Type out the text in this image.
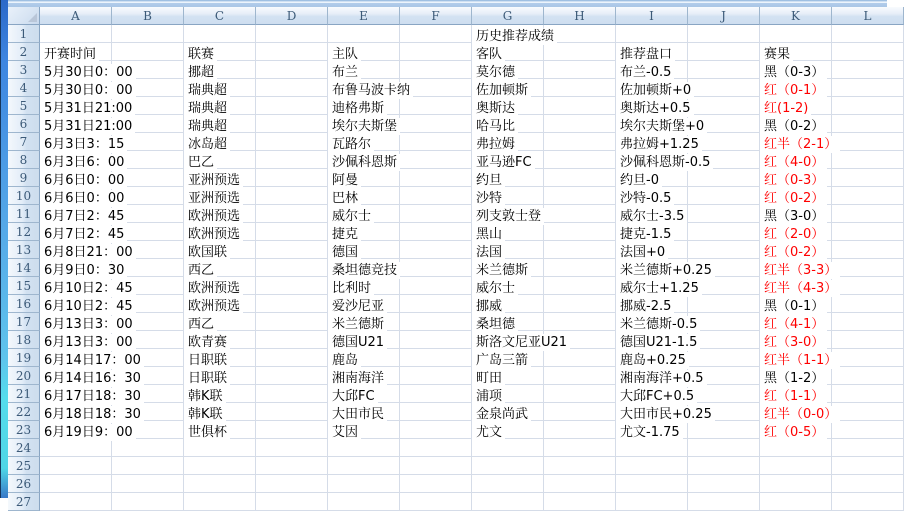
A	B	C	D	E	F	G	H	I	J	K	L
1	历史推荐成绩
2	开赛时间	联赛	主队	客队	推荐盘口	赛果
3	5月30日0：00	挪超	布兰	莫尔德	布兰-0.5	黑（0-3）
4	5月30日0：00	瑞典超	布鲁马波卡纳	佐加顿斯	佐加顿斯+0	红（0-1）
5	5月31日21:00	瑞典超	迪格弗斯	奥斯达	奥斯达+0.5	红(1-2)
6	5月31日21:00	瑞典超	埃尔夫斯堡	哈马比	埃尔夫斯堡+0	黑（0-2）
7	6月3日3：15	冰岛超	瓦路尔	弗拉姆	弗拉姆+1.25	红半（2-1）
8	6月3日6：00	巴乙	沙佩科恩斯	亚马逊FC	沙佩科恩斯-0.5	红（4-0）
9	6月6日0：00	亚洲预选	阿曼	约旦	约旦-0	红（0-3）
10 6月6日0：00	亚洲预选	巴林	沙特	沙特-0.5	红（0-2）
11 6月7日2：45	欧洲预选	威尔士	列支敦士登	威尔士-3.5	黑（3-0）
12 6月7日2：45	欧洲预选	捷克	黑山	捷克-1.5	红（2-0）
13 6月8日21：00	欧国联	德国	法国	法国+0	红（0-2）
14 6月9日0：30	西乙	桑坦德竞技	米兰德斯	米兰德斯+0.25	红半（3-3）
15 6月10日2：45	欧洲预选	比利时	威尔士	威尔士+1.25	红半（4-3）
16 6月10日2：45	欧洲预选	爱沙尼亚	挪威	挪威-2.5	黑（0-1）
17 6月13日3：00	西乙	米兰德斯	桑坦德	米兰德斯-0.5	红（4-1）
18 6月13日3：00	欧青赛	德国U21	斯洛文尼亚U21	德国U21-1.5	红（3-0）
19 6月14日17：00	日职联	鹿岛	广岛三箭	鹿岛+0.25	红半（1-1）
20 6月14日16：30	日职联	湘南海洋	町田	湘南海洋+0.5	黑（1-2）
21 6月17日18：30	韩K联	大邱FC	浦项	大邱FC+0.5	红（1-1）
22 6月18日18：30	韩K联	大田市民	金泉尚武	大田市民+0.25	红半（0-0）
23 6月19日9：00	世俱杯	艾因	尤文	尤文-1.75	红（0-5）
24
25
26
27
